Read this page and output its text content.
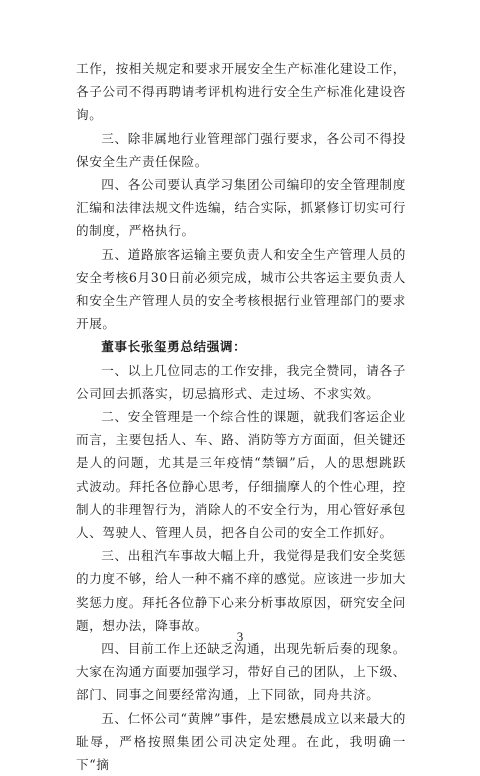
工作，按相关规定和要求开展安全生产标准化建设工作，各子公司不得再聘请考评机构进行安全生产标准化建设咨询。

三、除非属地行业管理部门强行要求，各公司不得投保安全生产责任保险。

四、各公司要认真学习集团公司编印的安全管理制度汇编和法律法规文件选编，结合实际，抓紧修订切实可行的制度，严格执行。

五、道路旅客运输主要负责人和安全生产管理人员的安全考核6月30日前必须完成，城市公共客运主要负责人和安全生产管理人员的安全考核根据行业管理部门的要求开展。

董事长张玺勇总结强调：

一、以上几位同志的工作安排，我完全赞同，请各子公司回去抓落实，切忌搞形式、走过场、不求实效。

二、安全管理是一个综合性的课题，就我们客运企业而言，主要包括人、车、路、消防等方方面面，但关键还是人的问题，尤其是三年疫情“禁锢”后，人的思想跳跃式波动。拜托各位静心思考，仔细揣摩人的个性心理，控制人的非理智行为，消除人的不安全行为，用心管好承包人、驾驶人、管理人员，把各自公司的安全工作抓好。

三、出租汽车事故大幅上升，我觉得是我们安全奖惩的力度不够，给人一种不痛不痒的感觉。应该进一步加大奖惩力度。拜托各位静下心来分析事故原因，研究安全问题，想办法，降事故。

四、目前工作上还缺乏沟通，出现先斩后奏的现象。大家在沟通方面要加强学习，带好自己的团队，上下级、部门、同事之间要经常沟通，上下同欲，同舟共济。

五、仁怀公司“黄牌”事件，是宏懋晨成立以来最大的耻辱，严格按照集团公司决定处理。在此，我明确一下“摘

3
